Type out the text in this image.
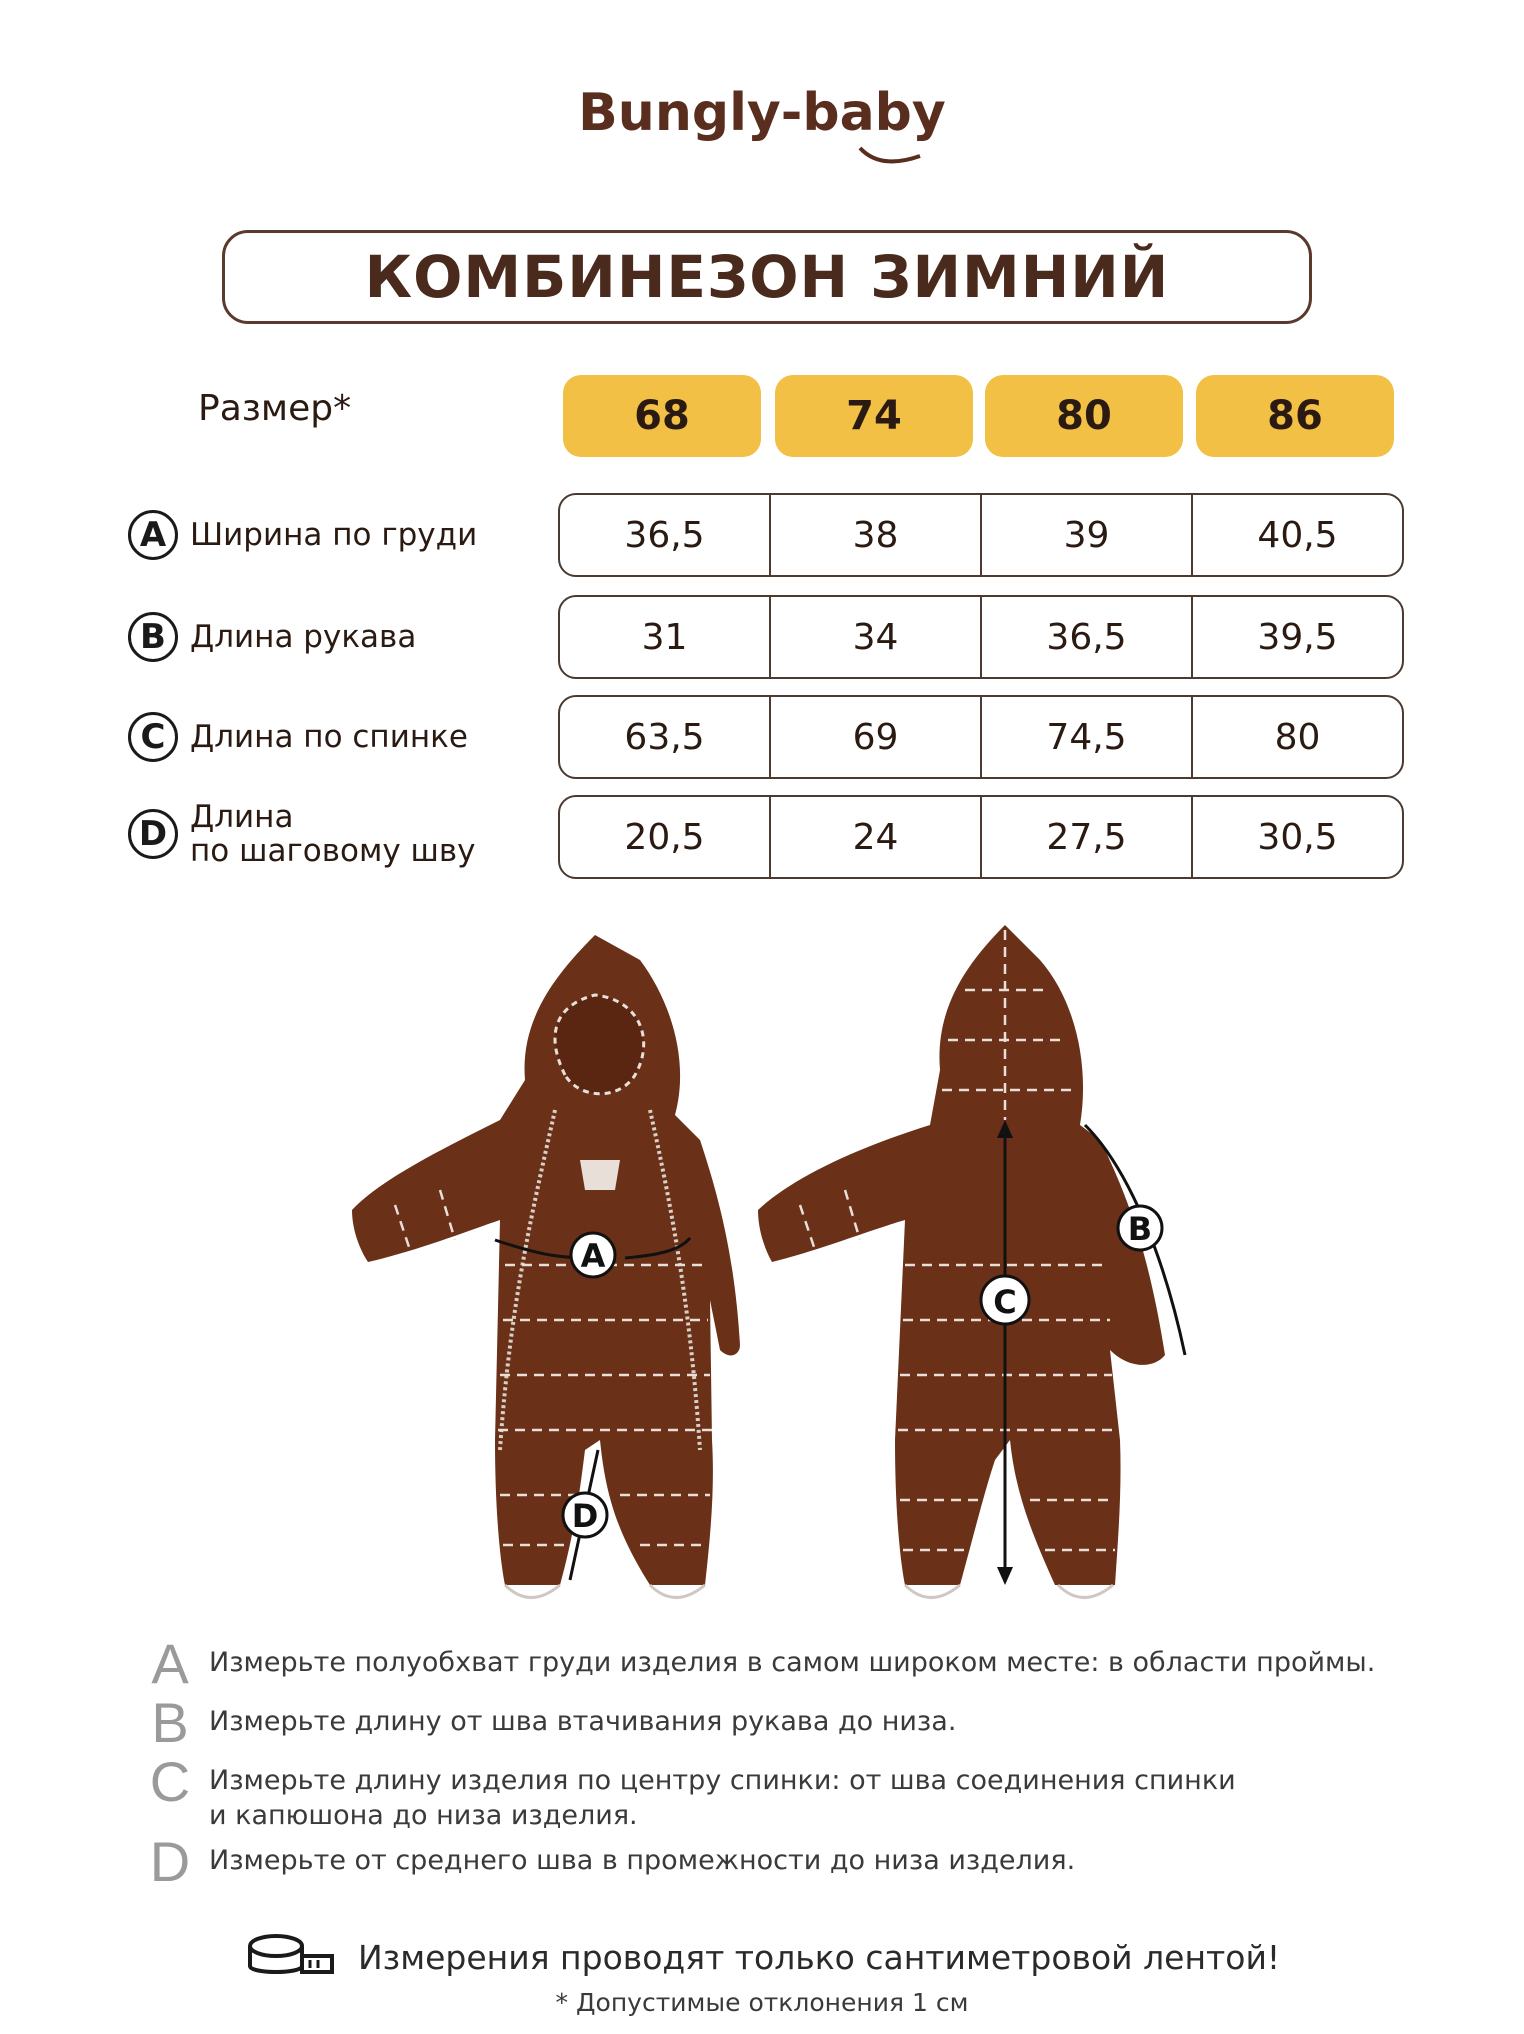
Bungly-baby
КОМБИНЕЗОН ЗИМНИЙ
Размер*	68	74	80	86
A Ширина по груди	36,5	38	39	40,5
B Длина рукава	31	34	36,5	39,5
C Длина по спинке	63,5	69	74,5	80
D Длина
по шаговому шву	20,5	24	27,5	30,5
A
D
C
B
A Измерьте полуобхват груди изделия в самом широком месте: в области проймы.
B Измерьте длину от шва втачивания рукава до низа.
C Измерьте длину изделия по центру спинки: от шва соединения спинки
и капюшона до низа изделия.
D Измерьте от среднего шва в промежности до низа изделия.
Измерения проводят только сантиметровой лентой!
* Допустимые отклонения 1 см
